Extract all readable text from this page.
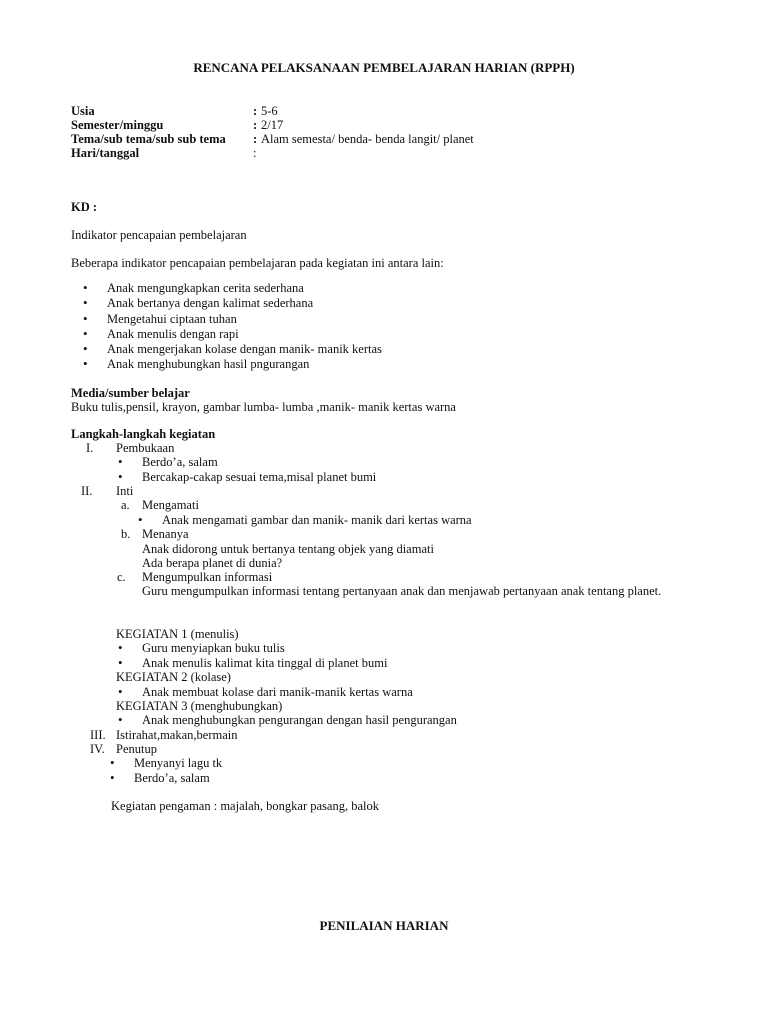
RENCANA PELAKSANAAN PEMBELAJARAN HARIAN (RPPH)
Usia	: 5-6
Semester/minggu	: 2/17
Tema/sub tema/sub sub tema : Alam semesta/ benda- benda langit/ planet
Hari/tanggal	:
KD :
Indikator pencapaian pembelajaran
Beberapa indikator pencapaian pembelajaran pada kegiatan ini antara lain:
• Anak mengungkapkan cerita sederhana
• Anak bertanya dengan kalimat sederhana
• Mengetahui ciptaan tuhan
• Anak menulis dengan rapi
• Anak mengerjakan kolase dengan manik- manik kertas
• Anak menghubungkan hasil pngurangan
Media/sumber belajar
Buku tulis,pensil, krayon, gambar lumba- lumba ,manik- manik kertas warna
Langkah-langkah kegiatan
I. Pembukaan
• Berdo’a, salam
• Bercakap-cakap sesuai tema,misal planet bumi
II. Inti
a. Mengamati
• Anak mengamati gambar dan manik- manik dari kertas warna
b. Menanya
Anak didorong untuk bertanya tentang objek yang diamati
Ada berapa planet di dunia?
c. Mengumpulkan informasi
Guru mengumpulkan informasi tentang pertanyaan anak dan menjawab pertanyaan anak tentang planet.
KEGIATAN 1 (menulis)
• Guru menyiapkan buku tulis
• Anak menulis kalimat kita tinggal di planet bumi
KEGIATAN 2 (kolase)
• Anak membuat kolase dari manik-manik kertas warna
KEGIATAN 3 (menghubungkan)
• Anak menghubungkan pengurangan dengan hasil pengurangan
III. Istirahat,makan,bermain
IV. Penutup
• Menyanyi lagu tk
• Berdo’a, salam
Kegiatan pengaman : majalah, bongkar pasang, balok
PENILAIAN HARIAN
